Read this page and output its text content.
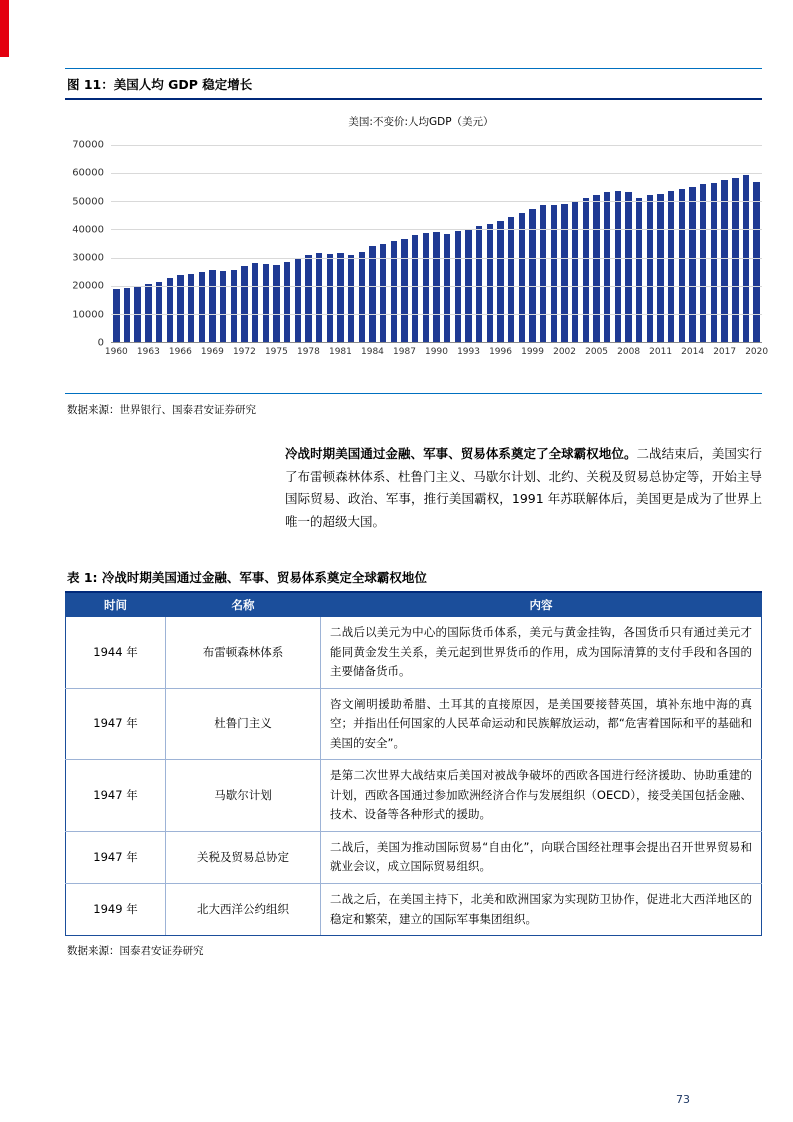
图 11：美国人均 GDP 稳定增长
美国:不变价:人均GDP（美元）
0
10000
20000
30000
40000
50000
60000
70000
1960 1963 1966 1969 1972 1975 1978 1981 1984 1987 1990 1993 1996 1999 2002 2005 2008 2011 2014 2017 2020
数据来源：世界银行、国泰君安证券研究
冷战时期美国通过金融、军事、贸易体系奠定了全球霸权地位。二战结束后，美国实行了布雷顿森林体系、杜鲁门主义、马歇尔计划、北约、关税及贸易总协定等，开始主导国际贸易、政治、军事，推行美国霸权，1991 年苏联解体后，美国更是成为了世界上唯一的超级大国。
表 1: 冷战时期美国通过金融、军事、贸易体系奠定全球霸权地位
时间	名称	内容
1944 年	布雷顿森林体系	二战后以美元为中心的国际货币体系，美元与黄金挂钩，各国货币只有通过美元才能同黄金发生关系，美元起到世界货币的作用，成为国际清算的支付手段和各国的主要储备货币。
1947 年	杜鲁门主义	咨文阐明援助希腊、土耳其的直接原因，是美国要接替英国，填补东地中海的真空；并指出任何国家的人民革命运动和民族解放运动，都“危害着国际和平的基础和美国的安全”。
1947 年	马歇尔计划	是第二次世界大战结束后美国对被战争破坏的西欧各国进行经济援助、协助重建的计划，西欧各国通过参加欧洲经济合作与发展组织（OECD），接受美国包括金融、技术、设备等各种形式的援助。
1947 年	关税及贸易总协定	二战后，美国为推动国际贸易“自由化”，向联合国经社理事会提出召开世界贸易和就业会议，成立国际贸易组织。
1949 年	北大西洋公约组织	二战之后，在美国主持下，北美和欧洲国家为实现防卫协作，促进北大西洋地区的稳定和繁荣，建立的国际军事集团组织。
数据来源：国泰君安证券研究
73
